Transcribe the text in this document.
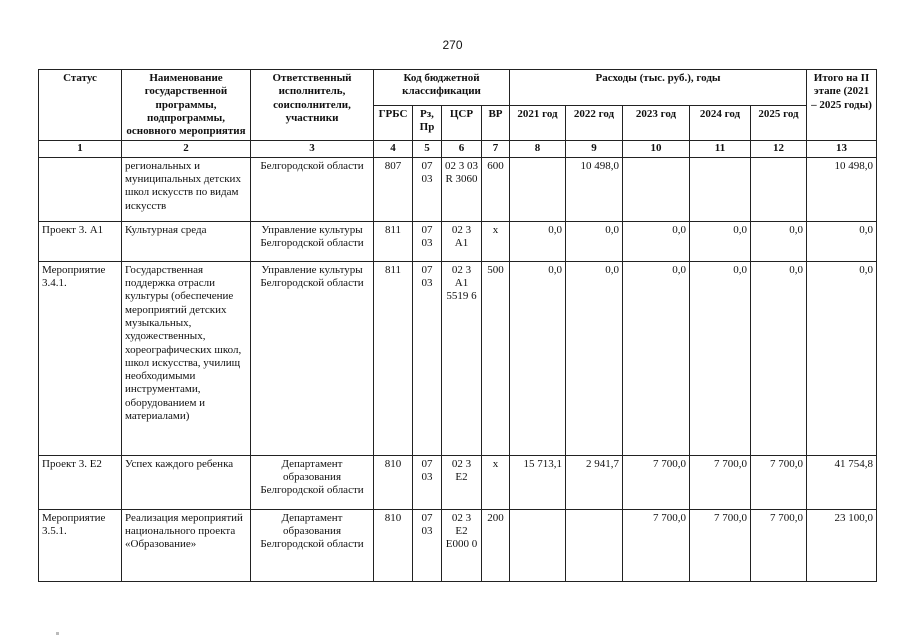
270
Статус	Наименование государственной программы, подпрограммы, основного мероприятия	Ответственный исполнитель, соисполнители, участники	Код бюджетной классификации				Расходы (тыс. руб.), годы					Итого на II этапе (2021 – 2025 годы)
			ГРБС	Рз, Пр	ЦСР	ВР	2021 год	2022 год	2023 год	2024 год	2025 год	
1	2	3	4	5	6	7	8	9	10	11	12	13
	региональных и муниципальных детских школ искусств по видам искусств	Белгородской области	807	07 03	02 3 03 R 3060	600		10 498,0				10 498,0
Проект 3. А1	Культурная среда	Управление культуры Белгородской области	811	07 03	02 3 А1	х	0,0	0,0	0,0	0,0	0,0	0,0
Мероприятие 3.4.1.	Государственная поддержка отрасли культуры (обеспечение мероприятий детских музыкальных, художественных, хореографических школ, школ искусства, училищ необходимыми инструментами, оборудованием и материалами)	Управление культуры Белгородской области	811	07 03	02 3 А1 5519 6	500	0,0	0,0	0,0	0,0	0,0	0,0
Проект 3. Е2	Успех каждого ребенка	Департамент образования Белгородской области	810	07 03	02 3 Е2	х	15 713,1	2 941,7	7 700,0	7 700,0	7 700,0	41 754,8
Мероприятие 3.5.1.	Реализация мероприятий национального проекта «Образование»	Департамент образования Белгородской области	810	07 03	02 3 Е2 Е000 0	200			7 700,0	7 700,0	7 700,0	23 100,0
